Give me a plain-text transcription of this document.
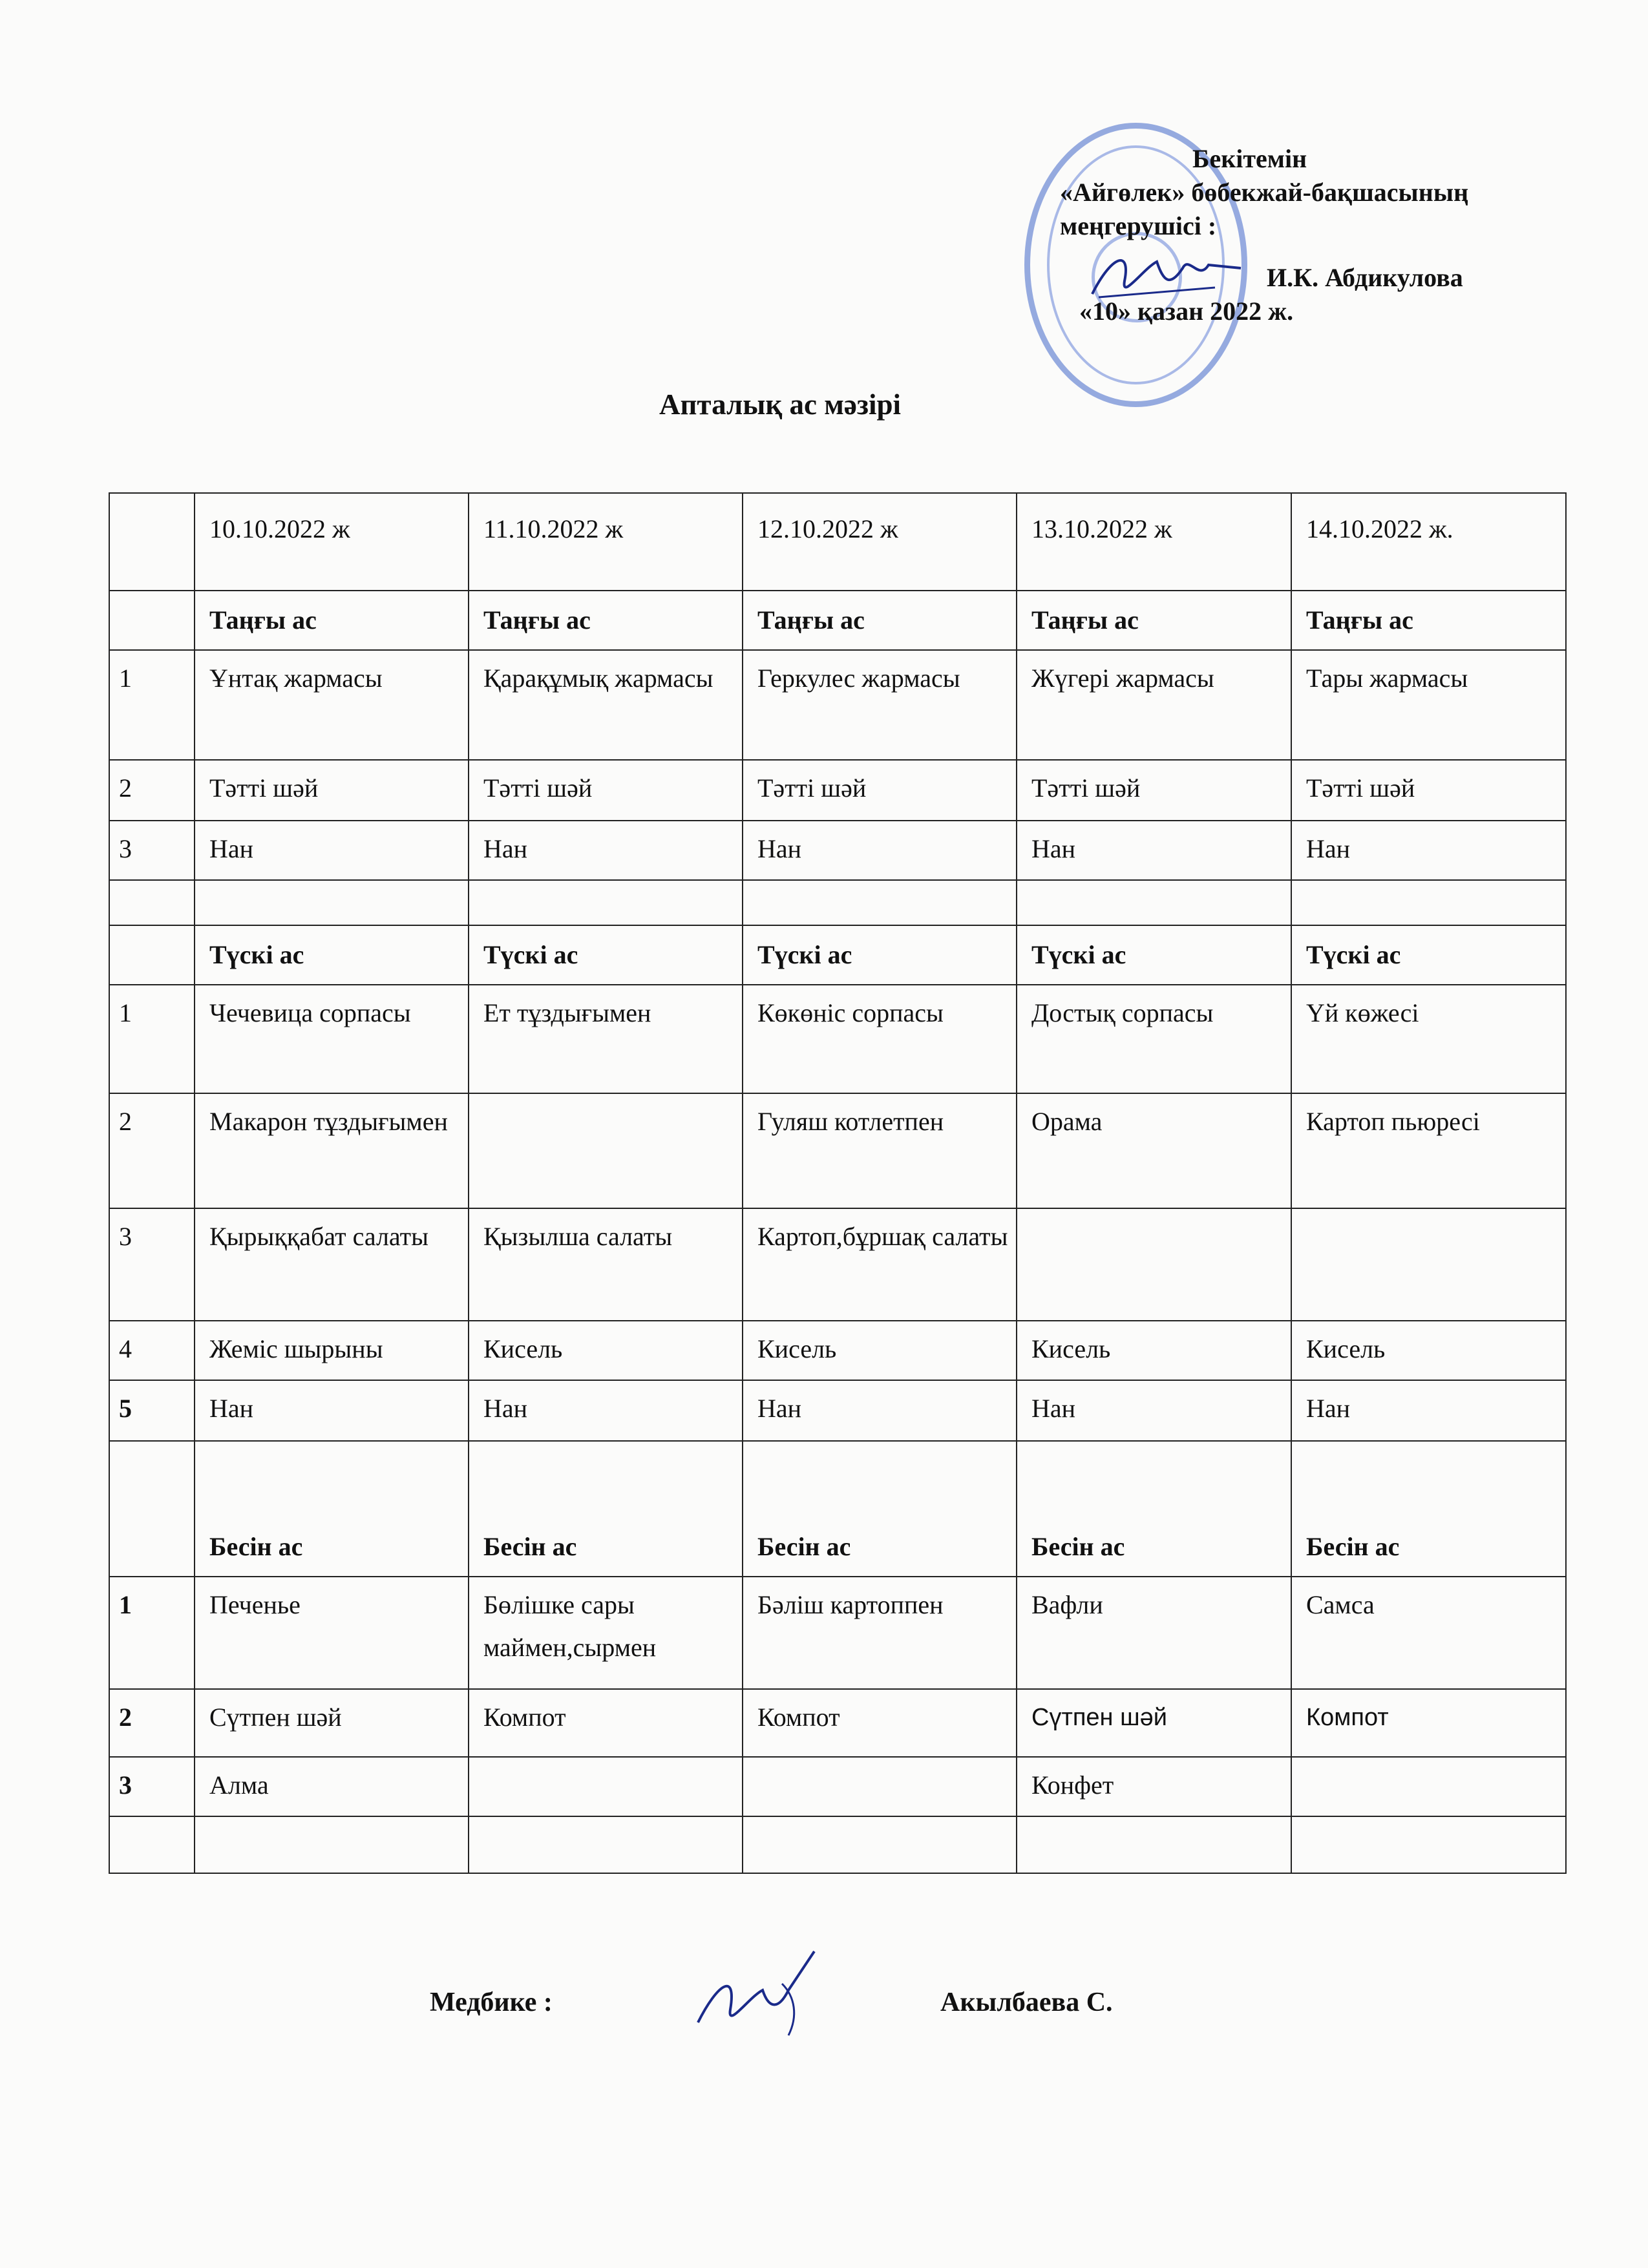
Бекітемін
«Айгөлек» бөбекжай-бақшасының
меңгерушісі :
И.К. Абдикулова
«10» қазан 2022 ж.
Апталық ас мәзірі
	10.10.2022 ж	11.10.2022 ж	12.10.2022 ж	13.10.2022 ж	14.10.2022 ж.
	Таңғы ас	Таңғы ас	Таңғы ас	Таңғы ас	Таңғы ас
1	Ұнтақ жармасы	Қарақұмық жармасы	Геркулес жармасы	Жүгері жармасы	Тары жармасы
2	Тәтті шәй	Тәтті шәй	Тәтті шәй	Тәтті шәй	Тәтті шәй
3	Нан	Нан	Нан	Нан	Нан

	Түскі ас	Түскі ас	Түскі ас	Түскі ас	Түскі ас
1	Чечевица сорпасы	Ет тұздығымен	Көкөніс сорпасы	Достық сорпасы	Үй көжесі
2	Макарон тұздығымен		Гуляш котлетпен	Орама	Картоп пьюресі
3	Қырыққабат салаты	Қызылша салаты	Картоп,бұршақ салаты		
4	Жеміс шырыны	Кисель	Кисель	Кисель	Кисель
5	Нан	Нан	Нан	Нан	Нан
	Бесін ас	Бесін ас	Бесін ас	Бесін ас	Бесін ас
1	Печенье	Бөлішке сары маймен,сырмен	Бәліш картоппен	Вафли	Самса
2	Сүтпен шәй	Компот	Компот	Сүтпен шәй	Компот
3	Алма			Конфет	

Медбике :	Акылбаева С.
